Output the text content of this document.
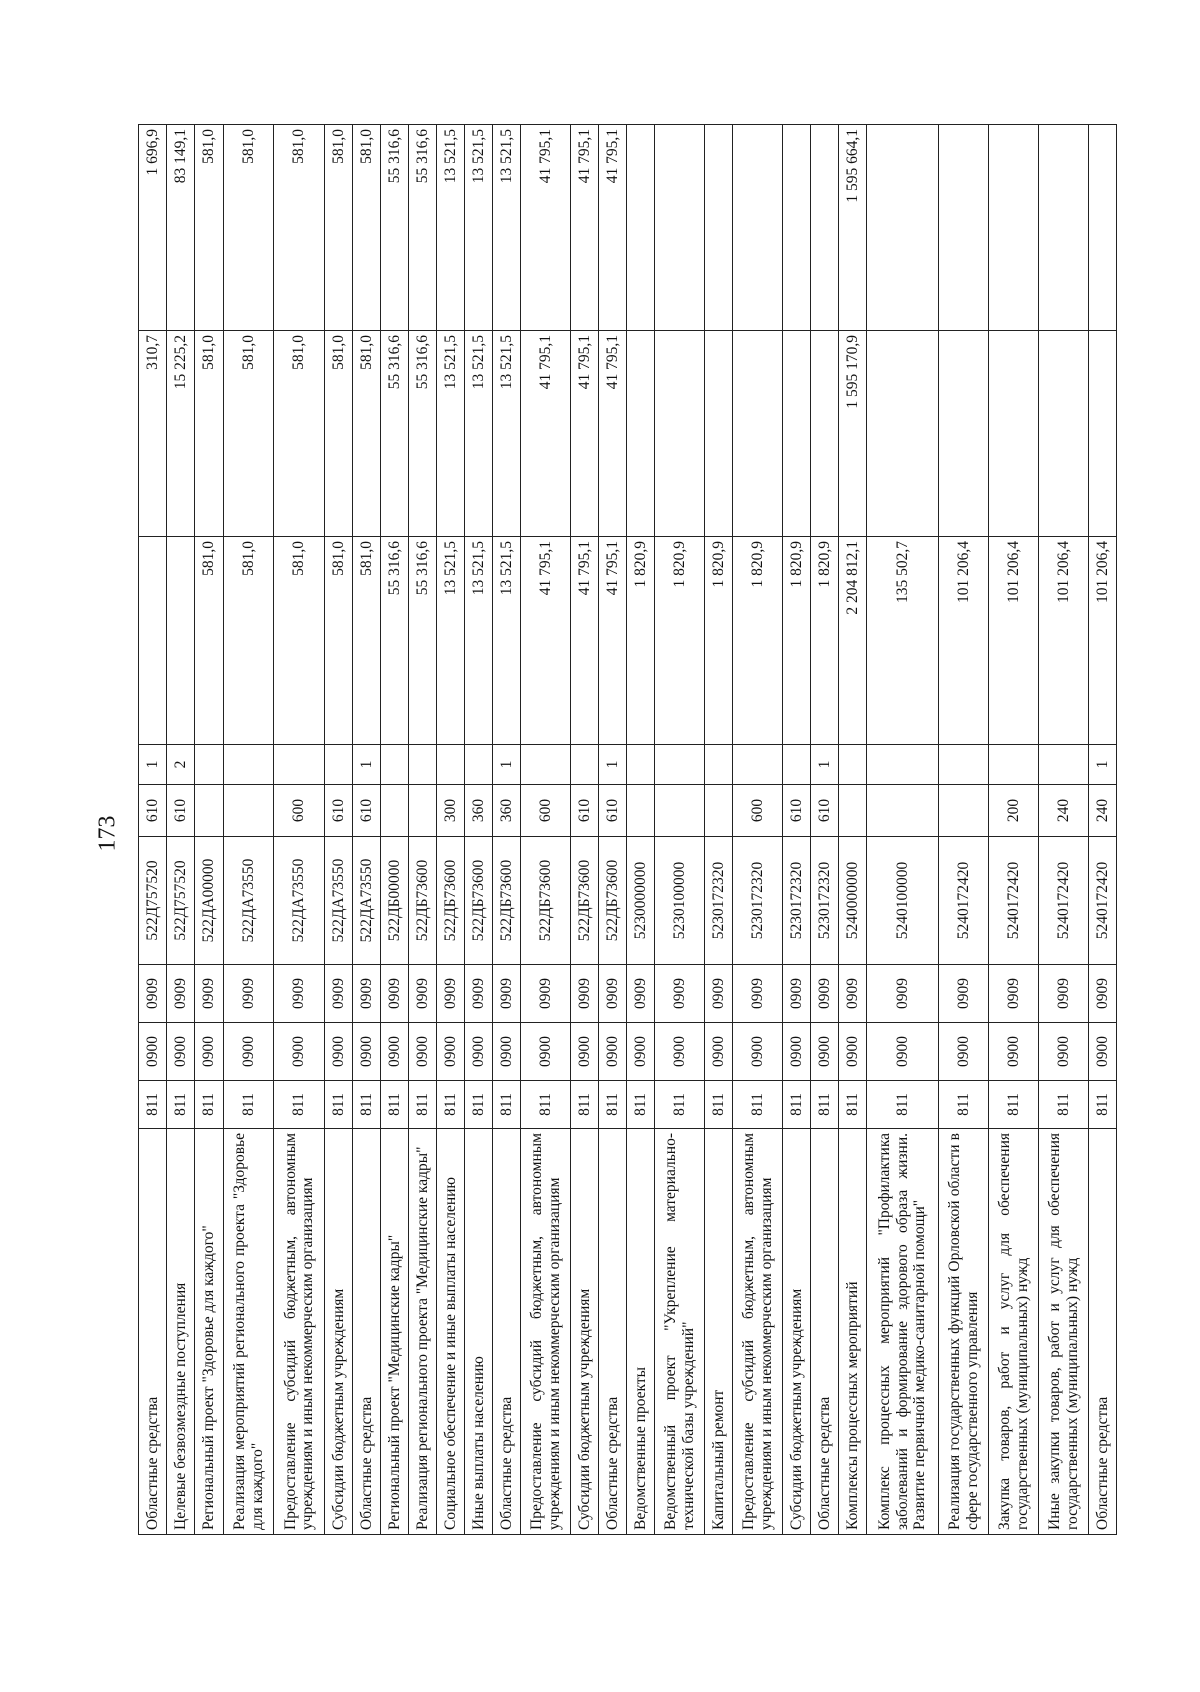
173
Областные средства	811	0900	0909	522Д757520	610	1		310,7	1 696,9
Целевые безвозмездные поступления	811	0900	0909	522Д757520	610	2		15 225,2	83 149,1
Региональный проект "Здоровье для каждого"	811	0900	0909	522ДА00000			581,0	581,0	581,0
Реализация мероприятий регионального проекта "Здоровье для каждого"	811	0900	0909	522ДА73550			581,0	581,0	581,0
Предоставление субсидий бюджетным, автономным учреждениям и иным некоммерческим организациям	811	0900	0909	522ДА73550	600		581,0	581,0	581,0
Субсидии бюджетным учреждениям	811	0900	0909	522ДА73550	610		581,0	581,0	581,0
Областные средства	811	0900	0909	522ДА73550	610	1	581,0	581,0	581,0
Региональный проект "Медицинские кадры"	811	0900	0909	522ДБ00000			55 316,6	55 316,6	55 316,6
Реализация регионального проекта "Медицинские кадры"	811	0900	0909	522ДБ73600			55 316,6	55 316,6	55 316,6
Социальное обеспечение и иные выплаты населению	811	0900	0909	522ДБ73600	300		13 521,5	13 521,5	13 521,5
Иные выплаты населению	811	0900	0909	522ДБ73600	360		13 521,5	13 521,5	13 521,5
Областные средства	811	0900	0909	522ДБ73600	360	1	13 521,5	13 521,5	13 521,5
Предоставление субсидий бюджетным, автономным учреждениям и иным некоммерческим организациям	811	0900	0909	522ДБ73600	600		41 795,1	41 795,1	41 795,1
Субсидии бюджетным учреждениям	811	0900	0909	522ДБ73600	610		41 795,1	41 795,1	41 795,1
Областные средства	811	0900	0909	522ДБ73600	610	1	41 795,1	41 795,1	41 795,1
Ведомственные проекты	811	0900	0909	5230000000			1 820,9		
Ведомственный проект "Укрепление материально-технической базы учреждений"	811	0900	0909	5230100000			1 820,9		
Капитальный ремонт	811	0900	0909	5230172320			1 820,9		
Предоставление субсидий бюджетным, автономным учреждениям и иным некоммерческим организациям	811	0900	0909	5230172320	600		1 820,9		
Субсидии бюджетным учреждениям	811	0900	0909	5230172320	610		1 820,9		
Областные средства	811	0900	0909	5230172320	610	1	1 820,9		
Комплексы процессных мероприятий	811	0900	0909	5240000000			2 204 812,1	1 595 170,9	1 595 664,1
Комплекс процессных мероприятий "Профилактика заболеваний и формирование здорового образа жизни. Развитие первичной медико-санитарной помощи"	811	0900	0909	5240100000			135 502,7		
Реализация государственных функций Орловской области в сфере государственного управления	811	0900	0909	5240172420			101 206,4		
Закупка товаров, работ и услуг для обеспечения государственных (муниципальных) нужд	811	0900	0909	5240172420	200		101 206,4		
Иные закупки товаров, работ и услуг для обеспечения государственных (муниципальных) нужд	811	0900	0909	5240172420	240		101 206,4		
Областные средства	811	0900	0909	5240172420	240	1	101 206,4		
